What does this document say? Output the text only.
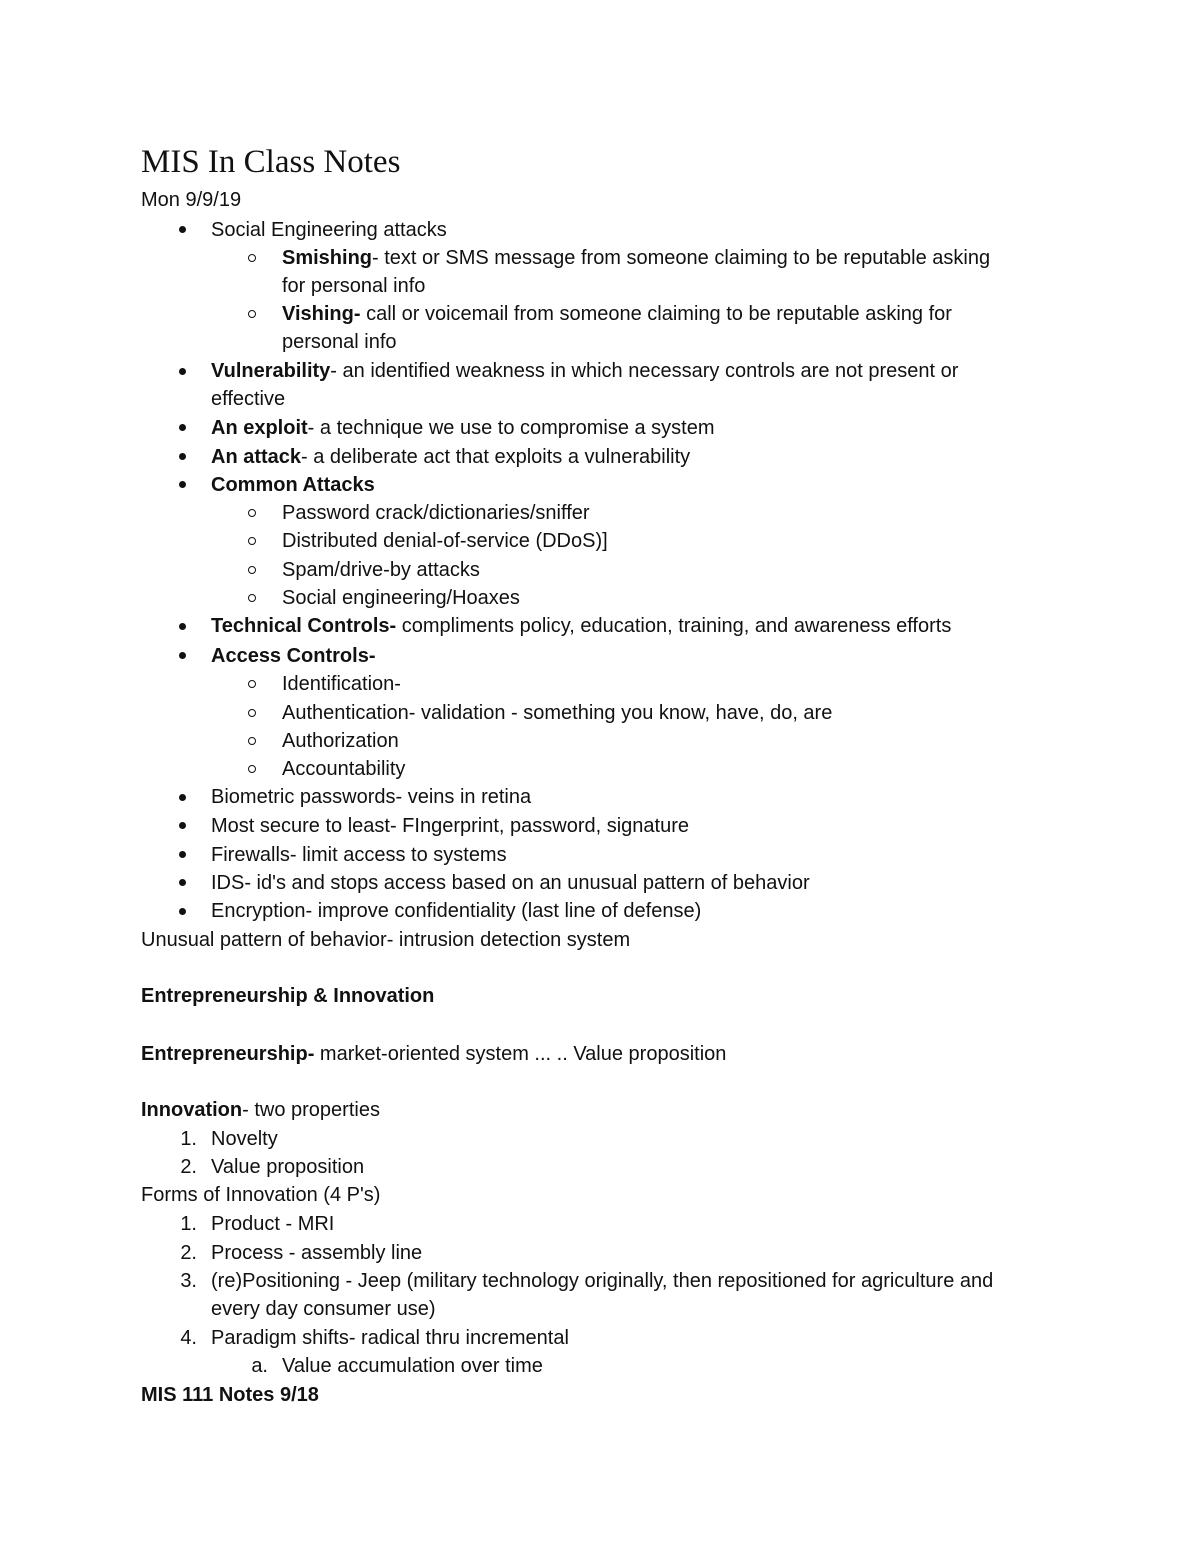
MIS In Class Notes
Mon 9/9/19
Social Engineering attacks
Smishing- text or SMS message from someone claiming to be reputable asking
for personal info
Vishing- call or voicemail from someone claiming to be reputable asking for
personal info
Vulnerability- an identified weakness in which necessary controls are not present or
effective
An exploit- a technique we use to compromise a system
An attack- a deliberate act that exploits a vulnerability
Common Attacks
Password crack/dictionaries/sniffer
Distributed denial-of-service (DDoS)]
Spam/drive-by attacks
Social engineering/Hoaxes
Technical Controls- compliments policy, education, training, and awareness efforts
Access Controls-
Identification-
Authentication- validation - something you know, have, do, are
Authorization
Accountability
Biometric passwords- veins in retina
Most secure to least- FIngerprint, password, signature
Firewalls- limit access to systems
IDS- id's and stops access based on an unusual pattern of behavior
Encryption- improve confidentiality (last line of defense)
Unusual pattern of behavior- intrusion detection system
Entrepreneurship & Innovation
Entrepreneurship- market-oriented system ... .. Value proposition
Innovation- two properties
1. Novelty
2. Value proposition
Forms of Innovation (4 P's)
1. Product - MRI
2. Process - assembly line
3. (re)Positioning - Jeep (military technology originally, then repositioned for agriculture and
every day consumer use)
4. Paradigm shifts- radical thru incremental
a. Value accumulation over time
MIS 111 Notes 9/18
